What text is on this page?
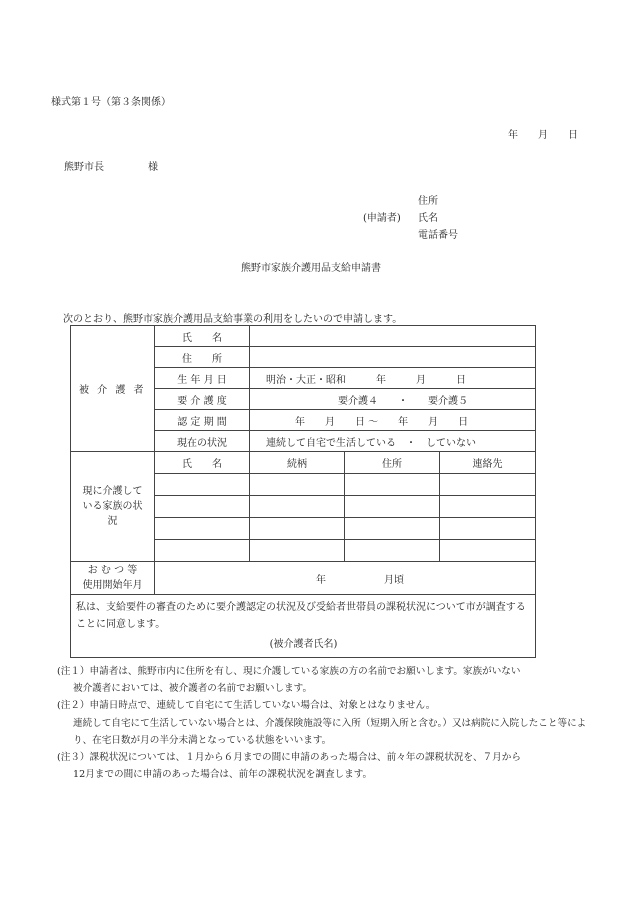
様式第１号（第３条関係）
年 月 日
熊野市長	様
住所
(申請者) 氏名
電話番号
熊野市家族介護用品支給申請書
次のとおり、熊野市家族介護用品支給事業の利用をしたいので申請します。
被 介 護 者	氏　　名			
	住　　所			
	生 年 月 日	明治・大正・昭和　　　年　　　月　　　日		
	要 介 護 度	要介護４ ・ 要介護５		
	認 定 期 間	年　　月　　日 ～　　年　　月　　日		
	現在の状況	連続して自宅で生活している　・　していない		
現に介護している家族の状況	氏　　名	続柄	住所	連絡先

お む つ 等
使用開始年月	年 月頃			

私は、支給要件の審査のために要介護認定の状況及び受給者世帯員の課税状況について市が調査することに同意します。
(被介護者氏名)				
(注１）申請者は、熊野市内に住所を有し、現に介護している家族の方の名前でお願いします。家族がいない
被介護者においては、被介護者の名前でお願いします。
(注２）申請日時点で、連続して自宅にて生活していない場合は、対象とはなりません。
連続して自宅にて生活していない場合とは、介護保険施設等に入所（短期入所と含む。）又は病院に入院したこと等により、在宅日数が月の半分未満となっている状態をいいます。
(注３）課税状況については、１月から６月までの間に申請のあった場合は、前々年の課税状況を、７月から
12月までの間に申請のあった場合は、前年の課税状況を調査します。
